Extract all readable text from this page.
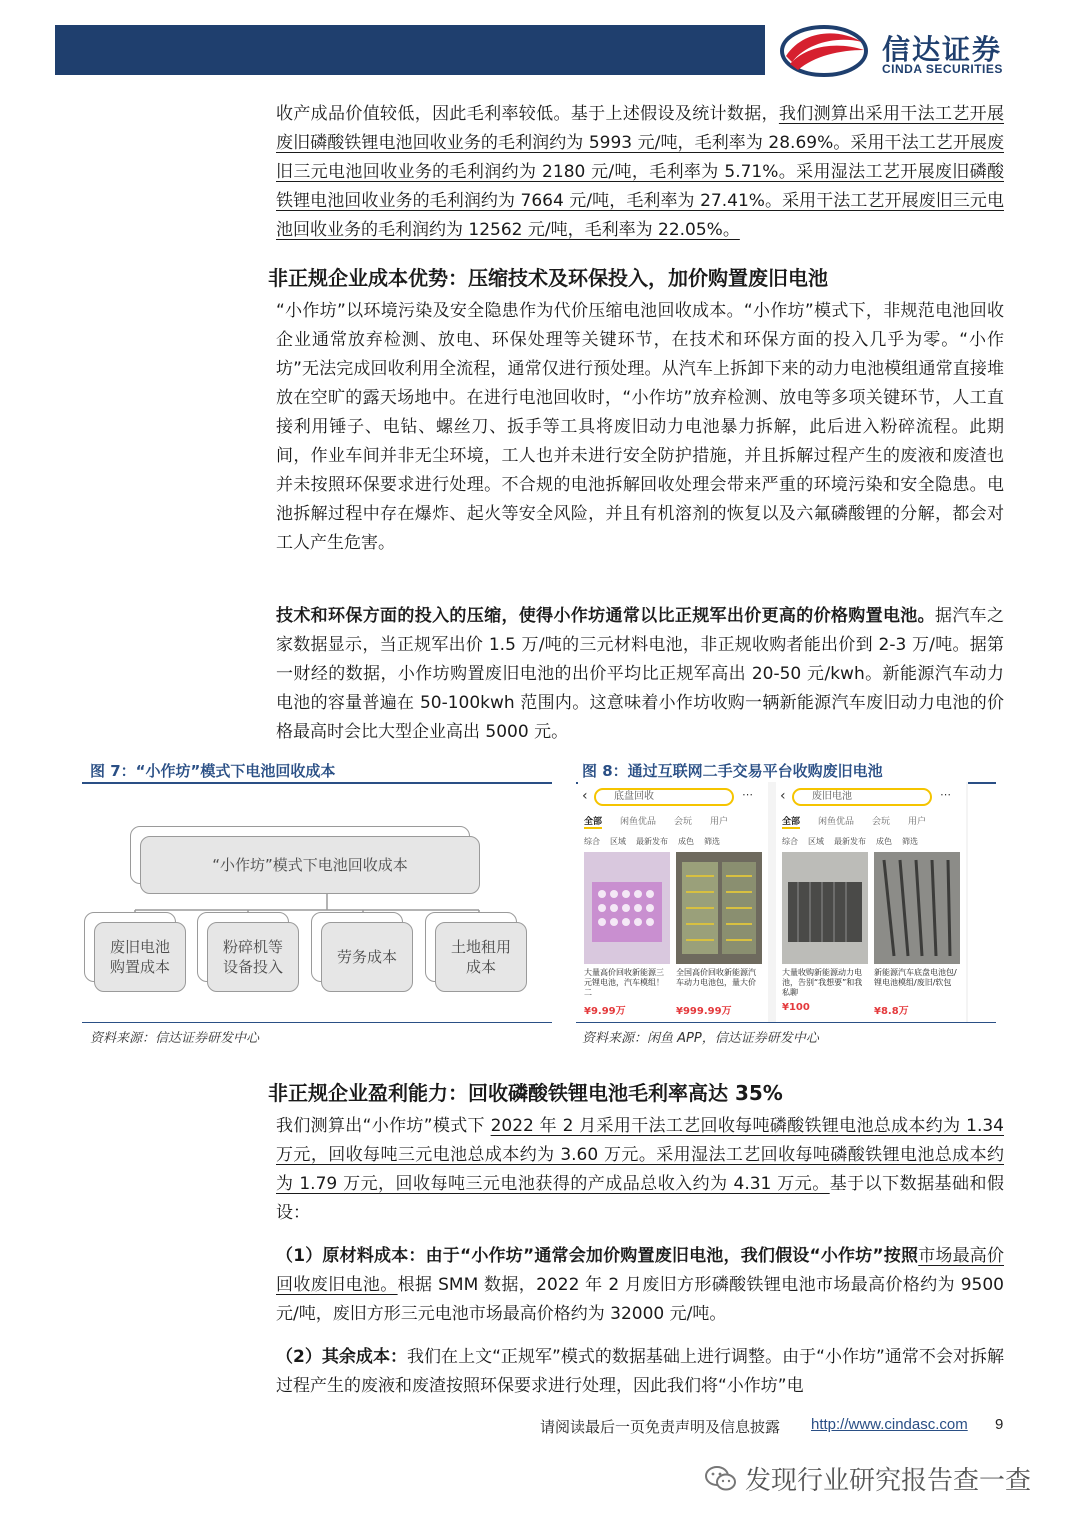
信达证券
CINDA SECURITIES

收产成品价值较低，因此毛利率较低。基于上述假设及统计数据，我们测算出采用干法工艺开展废旧磷酸铁锂电池回收业务的毛利润约为 5993 元/吨，毛利率为 28.69%。采用干法工艺开展废旧三元电池回收业务的毛利润约为 2180 元/吨，毛利率为 5.71%。采用湿法工艺开展废旧磷酸铁锂电池回收业务的毛利润约为 7664 元/吨，毛利率为 27.41%。采用干法工艺开展废旧三元电池回收业务的毛利润约为 12562 元/吨，毛利率为 22.05%。

非正规企业成本优势：压缩技术及环保投入，加价购置废旧电池

“小作坊”以环境污染及安全隐患作为代价压缩电池回收成本。“小作坊”模式下，非规范电池回收企业通常放弃检测、放电、环保处理等关键环节，在技术和环保方面的投入几乎为零。“小作坊”无法完成回收利用全流程，通常仅进行预处理。从汽车上拆卸下来的动力电池模组通常直接堆放在空旷的露天场地中。在进行电池回收时，“小作坊”放弃检测、放电等多项关键环节，人工直接利用锤子、电钻、螺丝刀、扳手等工具将废旧动力电池暴力拆解，此后进入粉碎流程。此期间，作业车间并非无尘环境，工人也并未进行安全防护措施，并且拆解过程产生的废液和废渣也并未按照环保要求进行处理。不合规的电池拆解回收处理会带来严重的环境污染和安全隐患。电池拆解过程中存在爆炸、起火等安全风险，并且有机溶剂的恢复以及六氟磷酸锂的分解，都会对工人产生危害。

技术和环保方面的投入的压缩，使得小作坊通常以比正规军出价更高的价格购置电池。据汽车之家数据显示，当正规军出价 1.5 万/吨的三元材料电池，非正规收购者能出价到 2-3 万/吨。据第一财经的数据，小作坊购置废旧电池的出价平均比正规军高出 20-50 元/kwh。新能源汽车动力电池的容量普遍在 50-100kwh 范围内。这意味着小作坊收购一辆新能源汽车废旧动力电池的价格最高时会比大型企业高出 5000 元。

图 7：“小作坊”模式下电池回收成本
“小作坊”模式下电池回收成本
废旧电池
购置成本
粉碎机等
设备投入
劳务成本
土地租用
成本
资料来源：信达证券研发中心
图 8：通过互联网二手交易平台收购废旧电池
‹	底盘回收	⋯
全部 闲鱼优品 会玩 用户
综合 区域 最新发布 成色 筛选
大量高价回收新能源三元锂电池，汽车模组！二
¥9.99万
全国高价回收新能源汽车动力电池包，量大价
¥999.99万
‹	废旧电池	⋯
全部 闲鱼优品 会玩 用户
综合 区域 最新发布 成色 筛选
大量收购新能源动力电池，告别“我想要”和我私聊
¥100
新能源汽车底盘电池包/锂电池模组/废旧/软包
¥8.8万
资料来源：闲鱼 APP，信达证券研发中心
非正规企业盈利能力：回收磷酸铁锂电池毛利率高达 35%

我们测算出“小作坊”模式下 2022 年 2 月采用干法工艺回收每吨磷酸铁锂电池总成本约为 1.34 万元，回收每吨三元电池总成本约为 3.60 万元。采用湿法工艺回收每吨磷酸铁锂电池总成本约为 1.79 万元，回收每吨三元电池获得的产成品总收入约为 4.31 万元。基于以下数据基础和假设：

（1）原材料成本：由于“小作坊”通常会加价购置废旧电池，我们假设“小作坊”按照市场最高价回收废旧电池。根据 SMM 数据，2022 年 2 月废旧方形磷酸铁锂电池市场最高价格约为 9500 元/吨，废旧方形三元电池市场最高价格约为 32000 元/吨。

（2）其余成本：我们在上文“正规军”模式的数据基础上进行调整。由于“小作坊”通常不会对拆解过程产生的废液和废渣按照环保要求进行处理，因此我们将“小作坊”电

请阅读最后一页免责声明及信息披露 http://www.cindasc.com 9
发现行业研究报告查一查
